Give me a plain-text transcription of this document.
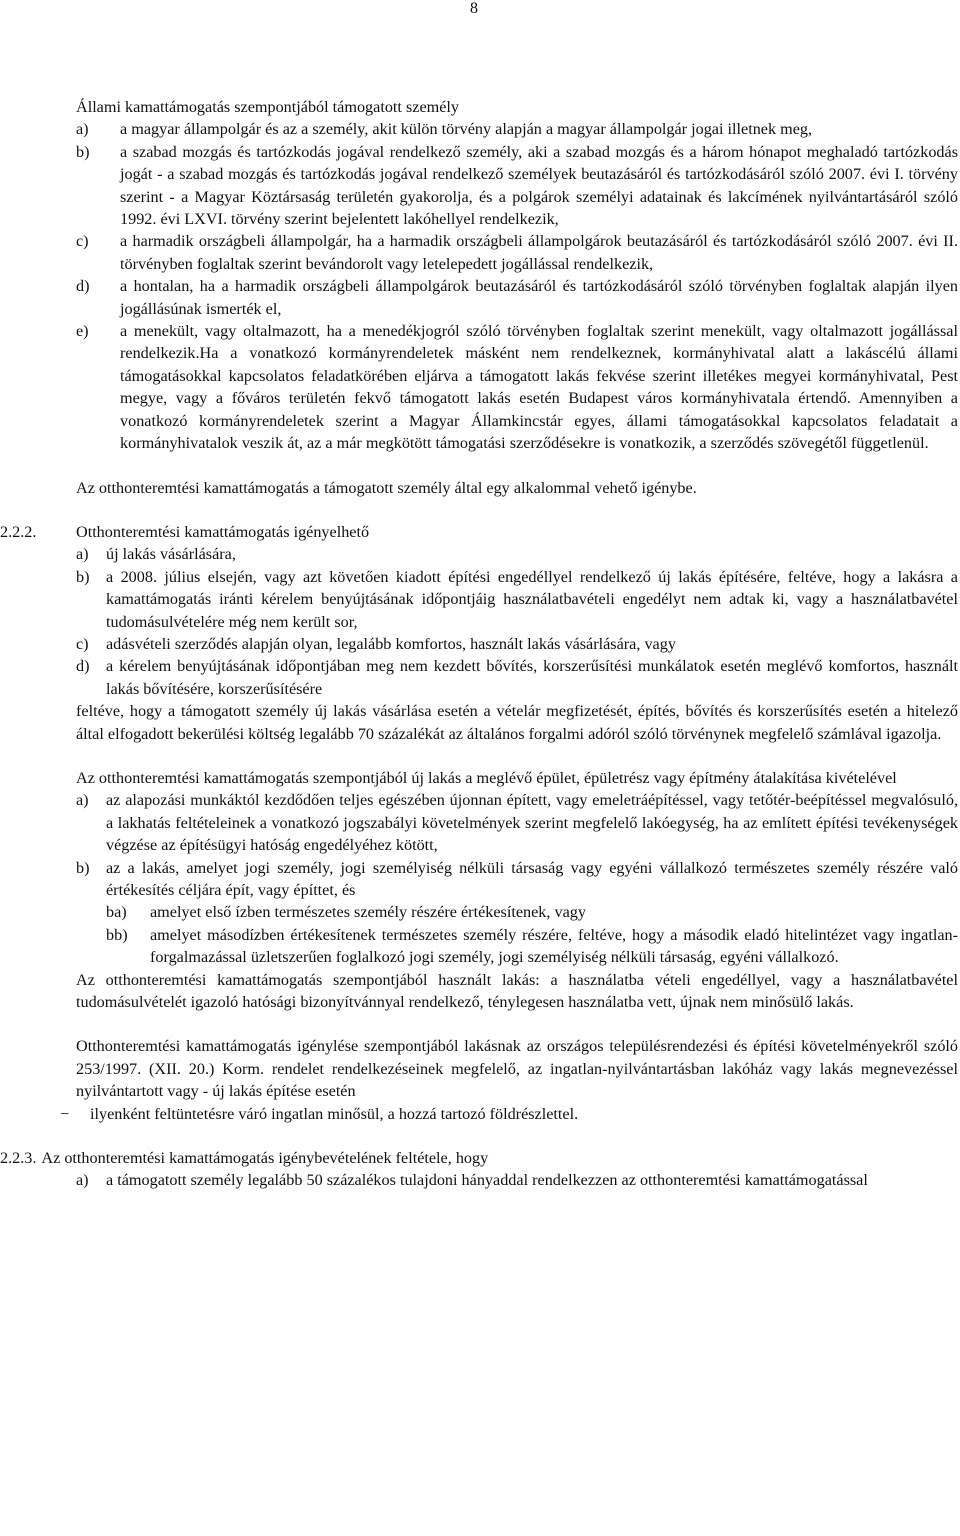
8
Állami kamattámogatás szempontjából támogatott személy
a)	a magyar állampolgár és az a személy, akit külön törvény alapján a magyar állampolgár jogai illetnek meg,
b)	a szabad mozgás és tartózkodás jogával rendelkező személy, aki a szabad mozgás és a három hónapot meghaladó tartózkodás jogát - a szabad mozgás és tartózkodás jogával rendelkező személyek beutazásáról és tartózkodásáról szóló 2007. évi I. törvény szerint - a Magyar Köztársaság területén gyakorolja, és a polgárok személyi adatainak és lakcímének nyilvántartásáról szóló 1992. évi LXVI. törvény szerint bejelentett lakóhellyel rendelkezik,
c)	a harmadik országbeli állampolgár, ha a harmadik országbeli állampolgárok beutazásáról és tartózkodásáról szóló 2007. évi II. törvényben foglaltak szerint bevándorolt vagy letelepedett jogállással rendelkezik,
d)	a hontalan, ha a harmadik országbeli állampolgárok beutazásáról és tartózkodásáról szóló törvényben foglaltak alapján ilyen jogállásúnak ismerték el,
e)	a menekült, vagy oltalmazott, ha a menedékjogról szóló törvényben foglaltak szerint menekült, vagy oltalmazott jogállással rendelkezik.Ha a vonatkozó kormányrendeletek másként nem rendelkeznek, kormányhivatal alatt a lakáscélú állami támogatásokkal kapcsolatos feladatkörében eljárva a támogatott lakás fekvése szerint illetékes megyei kormányhivatal, Pest megye, vagy a főváros területén fekvő támogatott lakás esetén Budapest város kormányhivatala értendő. Amennyiben a vonatkozó kormányrendeletek szerint a Magyar Államkincstár egyes, állami támogatásokkal kapcsolatos feladatait a kormányhivatalok veszik át, az a már megkötött támogatási szerződésekre is vonatkozik, a szerződés szövegétől függetlenül.
Az otthonteremtési kamattámogatás a támogatott személy által egy alkalommal vehető igénybe.
2.2.2.	Otthonteremtési kamattámogatás igényelhető
a)	új lakás vásárlására,
b)	a 2008. július elsején, vagy azt követően kiadott építési engedéllyel rendelkező új lakás építésére, feltéve, hogy a lakásra a kamattámogatás iránti kérelem benyújtásának időpontjáig használatbavételi engedélyt nem adtak ki, vagy a használatbavétel tudomásulvételére még nem került sor,
c)	adásvételi szerződés alapján olyan, legalább komfortos, használt lakás vásárlására, vagy
d)	a kérelem benyújtásának időpontjában meg nem kezdett bővítés, korszerűsítési munkálatok esetén meglévő komfortos, használt lakás bővítésére, korszerűsítésére
feltéve, hogy a támogatott személy új lakás vásárlása esetén a vételár megfizetését, építés, bővítés és korszerűsítés esetén a hitelező által elfogadott bekerülési költség legalább 70 százalékát az általános forgalmi adóról szóló törvénynek megfelelő számlával igazolja.
Az otthonteremtési kamattámogatás szempontjából új lakás a meglévő épület, épületrész vagy építmény átalakítása kivételével
a)	az alapozási munkáktól kezdődően teljes egészében újonnan épített, vagy emeletráépítéssel, vagy tetőtér-beépítéssel megvalósuló, a lakhatás feltételeinek a vonatkozó jogszabályi követelmények szerint megfelelő lakóegység, ha az említett építési tevékenységek végzése az építésügyi hatóság engedélyéhez kötött,
b)	az a lakás, amelyet jogi személy, jogi személyiség nélküli társaság vagy egyéni vállalkozó természetes személy részére való értékesítés céljára épít, vagy építtet, és
ba)	amelyet első ízben természetes személy részére értékesítenek, vagy
bb)	amelyet másodízben értékesítenek természetes személy részére, feltéve, hogy a második eladó hitelintézet vagy ingatlan-forgalmazással üzletszerűen foglalkozó jogi személy, jogi személyiség nélküli társaság, egyéni vállalkozó.
Az otthonteremtési kamattámogatás szempontjából használt lakás: a használatba vételi engedéllyel, vagy a használatbavétel tudomásulvételét igazoló hatósági bizonyítvánnyal rendelkező, ténylegesen használatba vett, újnak nem minősülő lakás.
Otthonteremtési kamattámogatás igénylése szempontjából lakásnak az országos településrendezési és építési követelményekről szóló 253/1997. (XII. 20.) Korm. rendelet rendelkezéseinek megfelelő, az ingatlan-nyilvántartásban lakóház vagy lakás megnevezéssel nyilvántartott vagy - új lakás építése esetén
−	ilyenként feltüntetésre váró ingatlan minősül, a hozzá tartozó földrészlettel.
2.2.3. Az otthonteremtési kamattámogatás igénybevételének feltétele, hogy
a)	a támogatott személy legalább 50 százalékos tulajdoni hányaddal rendelkezzen az otthonteremtési kamattámogatással
